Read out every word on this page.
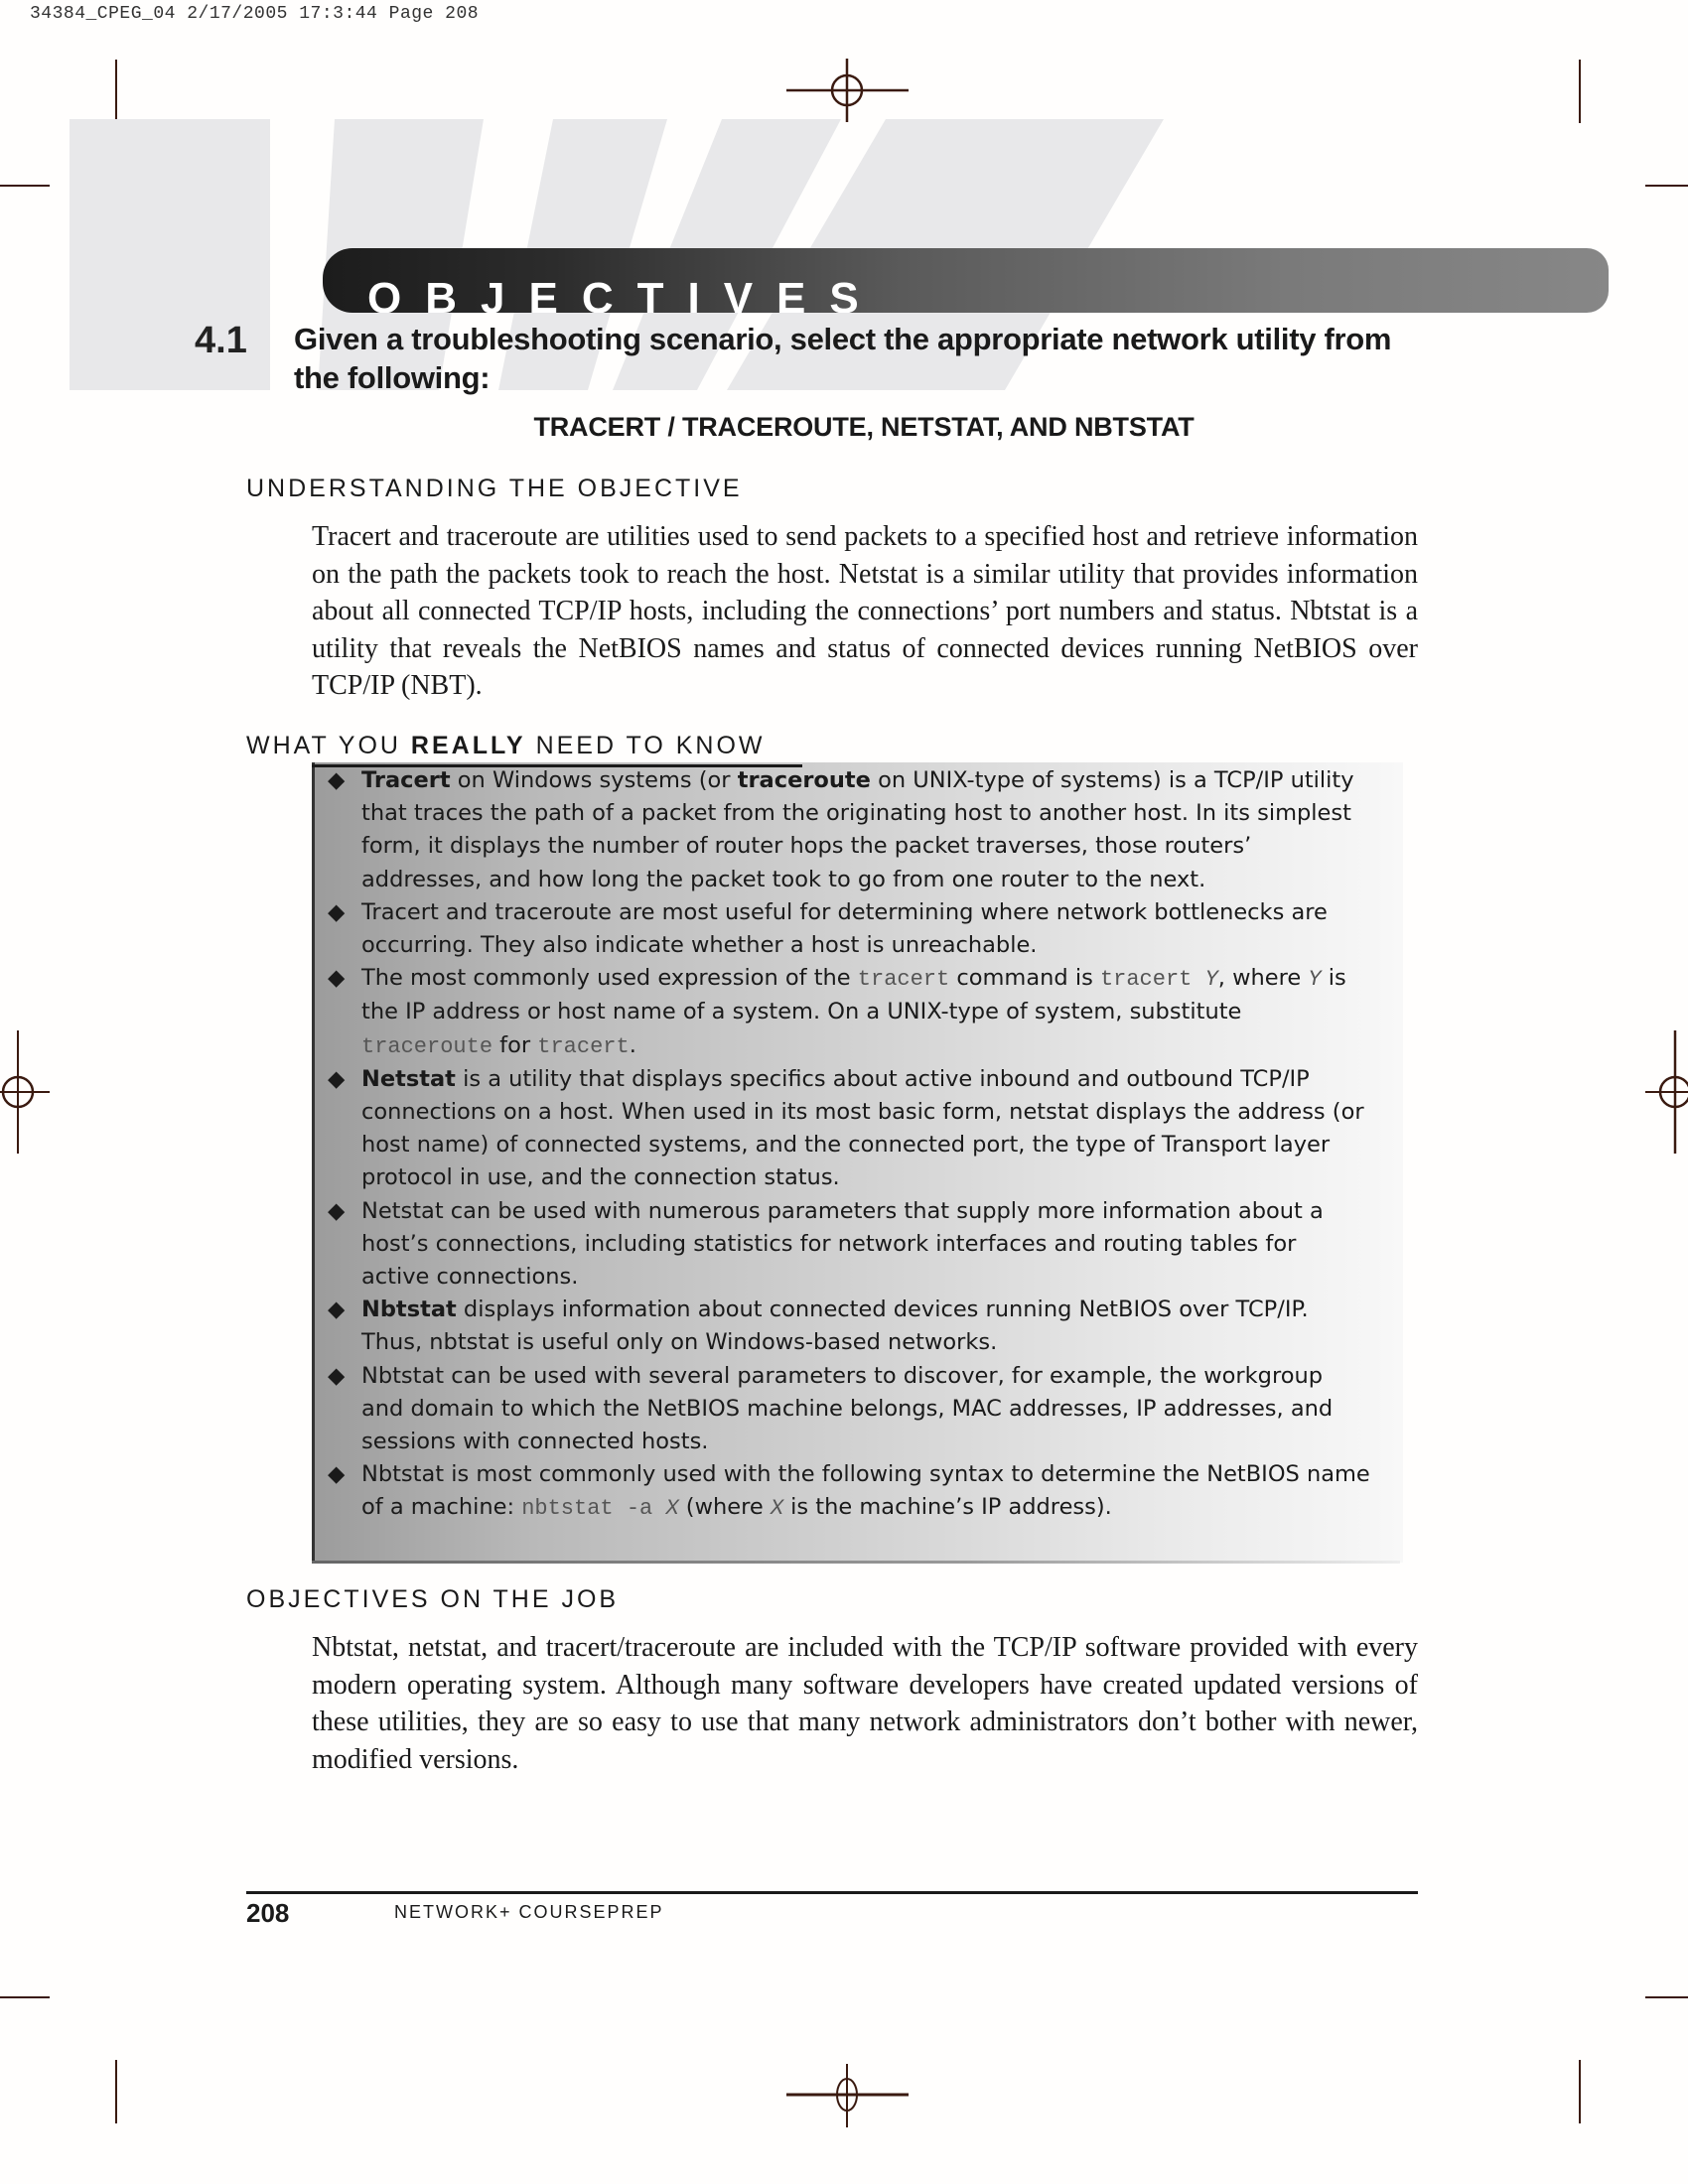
34384_CPEG_04 2/17/2005 17:3:44 Page 208
OBJECTIVES
4.1 Given a troubleshooting scenario, select the appropriate network utility from the following:
TRACERT / TRACEROUTE, NETSTAT, AND NBTSTAT
UNDERSTANDING THE OBJECTIVE
Tracert and traceroute are utilities used to send packets to a specified host and retrieve information on the path the packets took to reach the host. Netstat is a similar utility that provides information about all connected TCP/IP hosts, including the connections’ port numbers and status. Nbtstat is a utility that reveals the NetBIOS names and status of connected devices running NetBIOS over TCP/IP (NBT).
WHAT YOU REALLY NEED TO KNOW
◆ Tracert on Windows systems (or traceroute on UNIX-type of systems) is a TCP/IP utility that traces the path of a packet from the originating host to another host. In its simplest form, it displays the number of router hops the packet traverses, those routers’ addresses, and how long the packet took to go from one router to the next.
◆ Tracert and traceroute are most useful for determining where network bottlenecks are occurring. They also indicate whether a host is unreachable.
◆ The most commonly used expression of the tracert command is tracert Y, where Y is the IP address or host name of a system. On a UNIX-type of system, substitute traceroute for tracert.
◆ Netstat is a utility that displays specifics about active inbound and outbound TCP/IP connections on a host. When used in its most basic form, netstat displays the address (or host name) of connected systems, and the connected port, the type of Transport layer protocol in use, and the connection status.
◆ Netstat can be used with numerous parameters that supply more information about a host’s connections, including statistics for network interfaces and routing tables for active connections.
◆ Nbtstat displays information about connected devices running NetBIOS over TCP/IP. Thus, nbtstat is useful only on Windows-based networks.
◆ Nbtstat can be used with several parameters to discover, for example, the workgroup and domain to which the NetBIOS machine belongs, MAC addresses, IP addresses, and sessions with connected hosts.
◆ Nbtstat is most commonly used with the following syntax to determine the NetBIOS name of a machine: nbtstat -a X (where X is the machine’s IP address).
OBJECTIVES ON THE JOB
Nbtstat, netstat, and tracert/traceroute are included with the TCP/IP software provided with every modern operating system. Although many software developers have created updated versions of these utilities, they are so easy to use that many network administrators don’t bother with newer, modified versions.
208	NETWORK+ COURSEPREP
